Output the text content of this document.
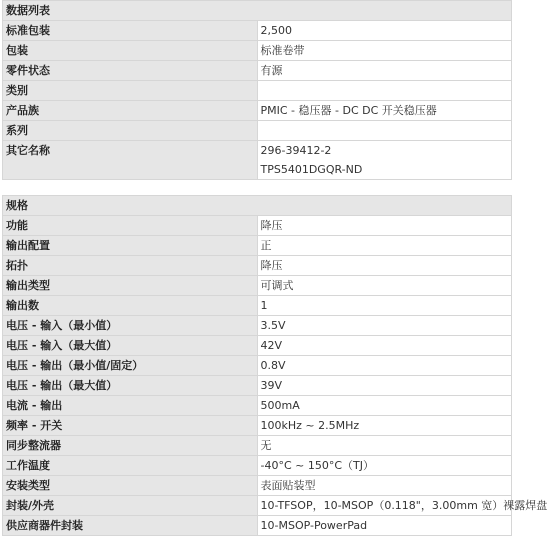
数据列表	
标准包装	2,500
包装	标准卷带
零件状态	有源
类别	
产品族	PMIC - 稳压器 - DC DC 开关稳压器
系列	
其它名称	296-39412-2
TPS5401DGQR-ND
规格	
功能	降压
输出配置	正
拓扑	降压
输出类型	可调式
输出数	1
电压 - 输入（最小值）	3.5V
电压 - 输入（最大值）	42V
电压 - 输出（最小值/固定）	0.8V
电压 - 输出（最大值）	39V
电流 - 输出	500mA
频率 - 开关	100kHz ~ 2.5MHz
同步整流器	无
工作温度	-40°C ~ 150°C（TJ）
安装类型	表面贴装型
封装/外壳	10-TFSOP，10-MSOP（0.118"，3.00mm 宽）裸露焊盘
供应商器件封装	10-MSOP-PowerPad
